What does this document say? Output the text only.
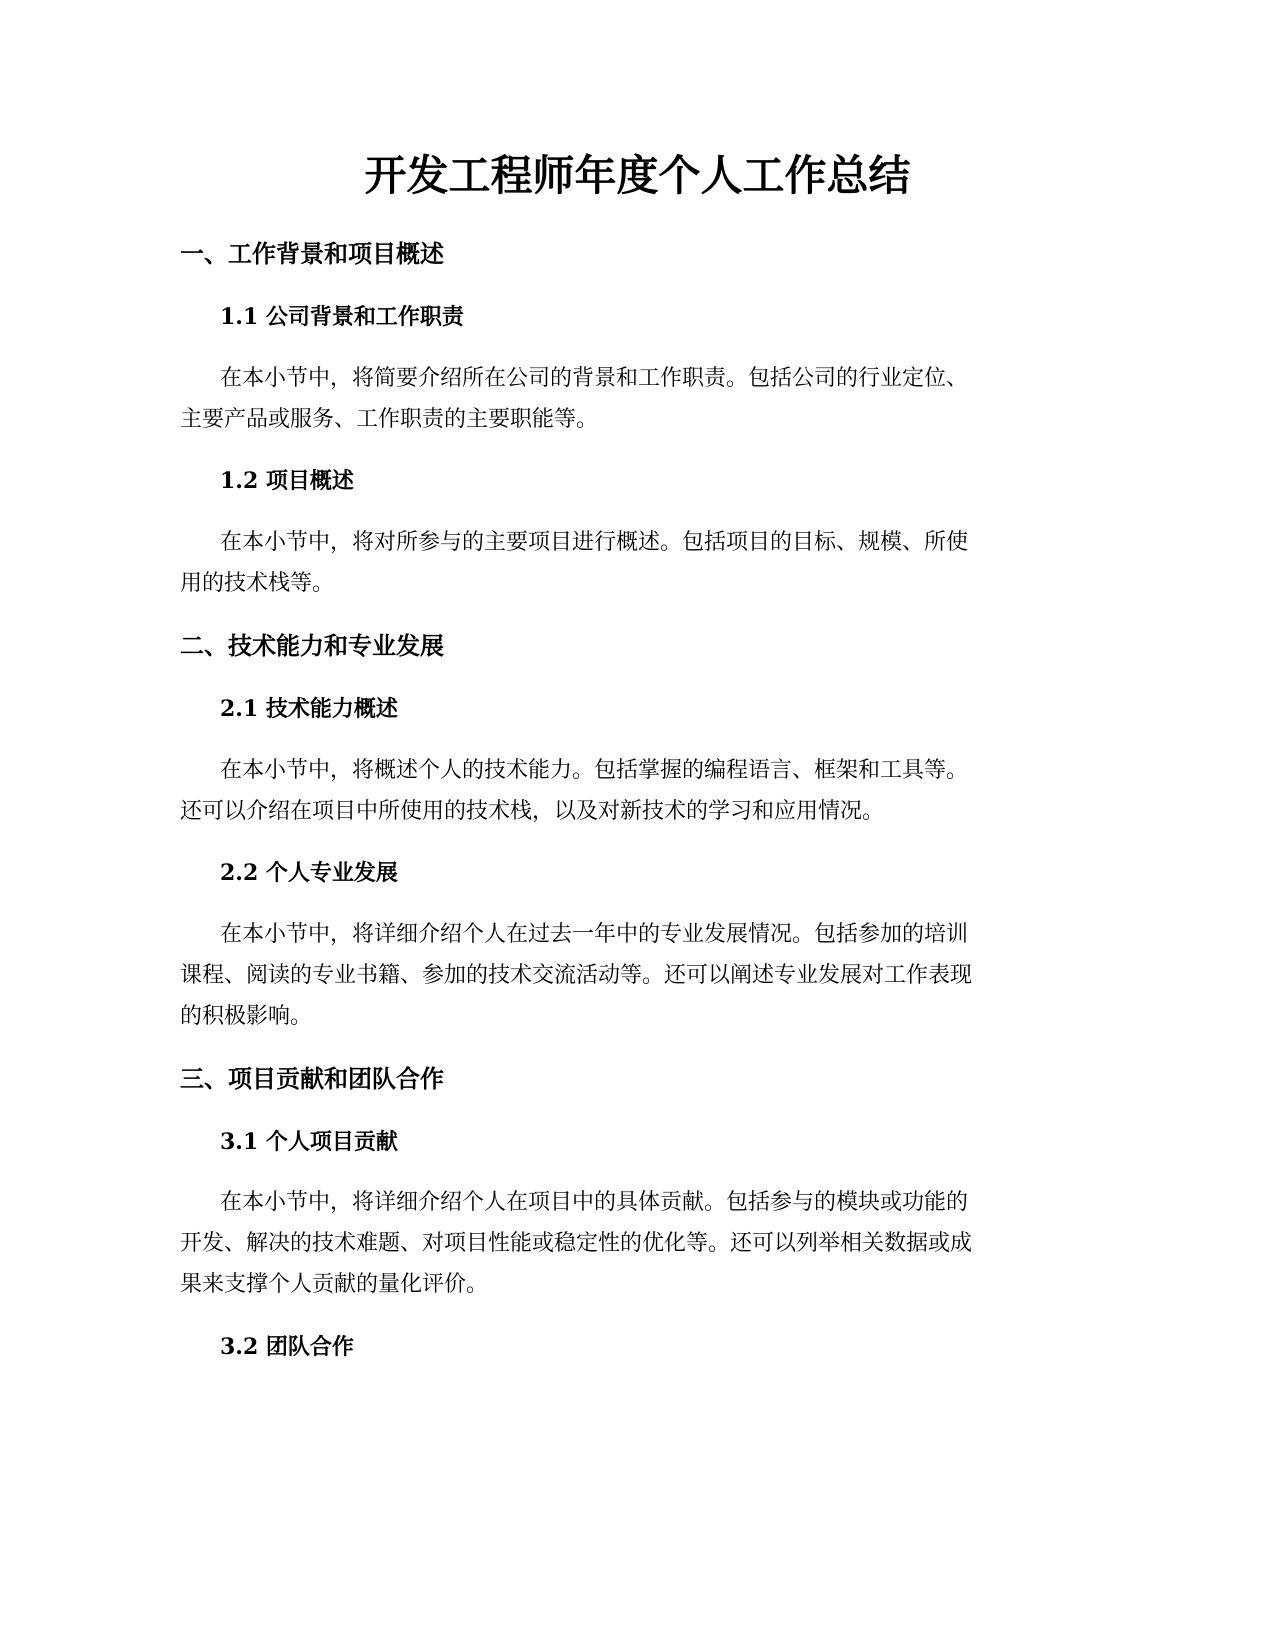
开发工程师年度个人工作总结
一、工作背景和项目概述
1.1 公司背景和工作职责

在本小节中，将简要介绍所在公司的背景和工作职责。包括公司的行业定位、
主要产品或服务、工作职责的主要职能等。

1.2 项目概述

在本小节中，将对所参与的主要项目进行概述。包括项目的目标、规模、所使
用的技术栈等。

二、技术能力和专业发展
2.1 技术能力概述

在本小节中，将概述个人的技术能力。包括掌握的编程语言、框架和工具等。
还可以介绍在项目中所使用的技术栈，以及对新技术的学习和应用情况。

2.2 个人专业发展

在本小节中，将详细介绍个人在过去一年中的专业发展情况。包括参加的培训
课程、阅读的专业书籍、参加的技术交流活动等。还可以阐述专业发展对工作表现
的积极影响。

三、项目贡献和团队合作
3.1 个人项目贡献

在本小节中，将详细介绍个人在项目中的具体贡献。包括参与的模块或功能的
开发、解决的技术难题、对项目性能或稳定性的优化等。还可以列举相关数据或成
果来支撑个人贡献的量化评价。

3.2 团队合作
